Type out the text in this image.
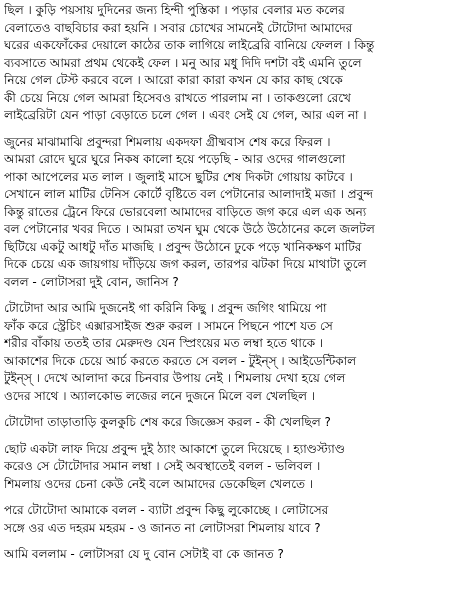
ছিল । কুড়ি পয়সায় দুদিনের জন্য হিন্দী পুস্তিকা । পড়ার বেলার মত কলের
বেলাতেও বাছবিচার করা হয়নি । সবার চোখের সামনেই টোটোদা আমাদের
ঘরের একফোঁকের দেয়ালে কাঠের তাক লাগিয়ে লাইব্রেরি বানিয়ে ফেলল । কিন্তু
ব্যবসাতে আমরা প্রথম থেকেই ফেল । মনু আর মধু দিদি দশটা বই এমনি তুলে
নিয়ে গেল টেস্ট করবে বলে । আরো কারা কারা কখন যে কার কাছ থেকে
কী চেয়ে নিয়ে গেল আমরা হিসেবও রাখতে পারলাম না । তাকগুলো রেখে
লাইব্রেরিটা যেন পাড়া বেড়াতে চলে গেল । এবং সেই যে গেল, আর এল না ।
জুনের মাঝামাঝি প্রবুন্দরা শিমলায় একদফা গ্রীষ্মবাস শেষ করে ফিরল ।
আমরা রোদে ঘুরে ঘুরে নিকষ কালো হয়ে পড়েছি - আর ওদের গালগুলো
পাকা আপেলের মত লাল । জুলাই মাসে ছুটির শেষ দিকটা গোয়ায় কাটবে ।
সেখানে লাল মাটির টেনিস কোর্টে বৃষ্টিতে বল পেটানোর আলাদাই মজা । প্রবুন্দ
কিন্তু রাতের ট্রেনে ফিরে ভোরবেলা আমাদের বাড়িতে জগ করে এল এক অন্য
বল পেটানোর খবর দিতে । আমরা তখন ঘুম থেকে উঠে উঠোনের কলে জলটল
ছিটিয়ে একটু আধটু দাঁত মাজছি । প্রবুন্দ উঠোনে ঢুকে পড়ে খানিকক্ষণ মাটির
দিকে চেয়ে এক জায়গায় দাঁড়িয়ে জগ করল, তারপর ঝটকা দিয়ে মাথাটা তুলে
বলল - লোটাসরা দুই বোন, জানিস ?
টোটোদা আর আমি দুজনেই গা করিনি কিছু । প্রবুন্দ জগিং থামিয়ে পা
ফাঁক করে স্ট্রেচিং এক্সারসাইজ শুরু করল । সামনে পিছনে পাশে যত সে
শরীর বাঁকায় ততই তার মেরুদণ্ড যেন স্প্রিংয়ের মত লম্বা হতে থাকে ।
আকাশের দিকে চেয়ে আর্চ করতে করতে সে বলল - টুইন্স্ । আইডেন্টিকাল
টুইন্স্ । দেখে আলাদা করে চিনবার উপায় নেই । শিমলায় দেখা হয়ে গেল
ওদের সাথে । অ্যালকোভ লজের লনে দুজনে মিলে বল খেলছিল ।
টোটোদা তাড়াতাড়ি কুলকুচি শেষ করে জিজ্ঞেস করল - কী খেলছিল ?
ছোট একটা লাফ দিয়ে প্রবুন্দ দুই ঠ্যাং আকাশে তুলে দিয়েছে । হ্যাণ্ডস্ট্যাণ্ড
করেও সে টোটোদার সমান লম্বা । সেই অবস্থাতেই বলল - ভলিবল ।
শিমলায় ওদের চেনা কেউ নেই বলে আমাদের ডেকেছিল খেলতে ।
পরে টোটোদা আমাকে বলল - ব্যাটা প্রবুন্দ কিছু লুকোচ্ছে । লোটাসের
সঙ্গে ওর এত দহরম মহরম - ও জানত না লোটাসরা শিমলায় যাবে ?
আমি বললাম - লোটাসরা যে দু বোন সেটাই বা কে জানত ?
